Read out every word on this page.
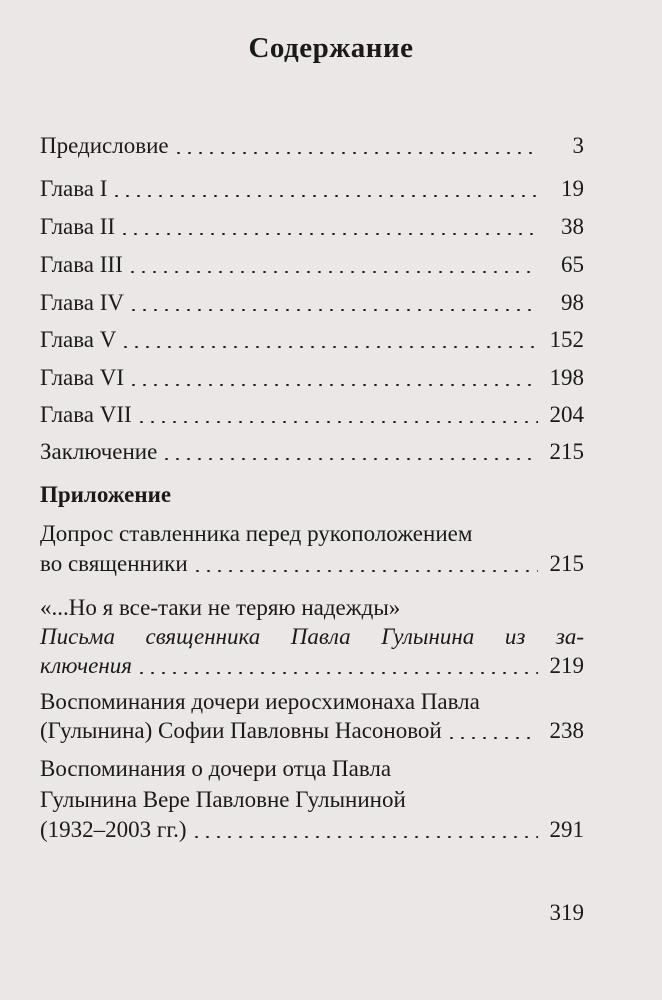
Содержание
Предисловие	3
Глава I	19
Глава II	38
Глава III	65
Глава IV	98
Глава V	152
Глава VI	198
Глава VII	204
Заключение	215
Приложение
Допрос ставленника перед рукоположением
во священники	215
«...Но я все-таки не теряю надежды»
Письма священника Павла Гулынина из за-
ключения	219
Воспоминания дочери иеросхимонаха Павла
(Гулынина) Софии Павловны Насоновой	238
Воспоминания о дочери отца Павла
Гулынина Вере Павловне Гулыниной
(1932–2003 гг.)	291
319
